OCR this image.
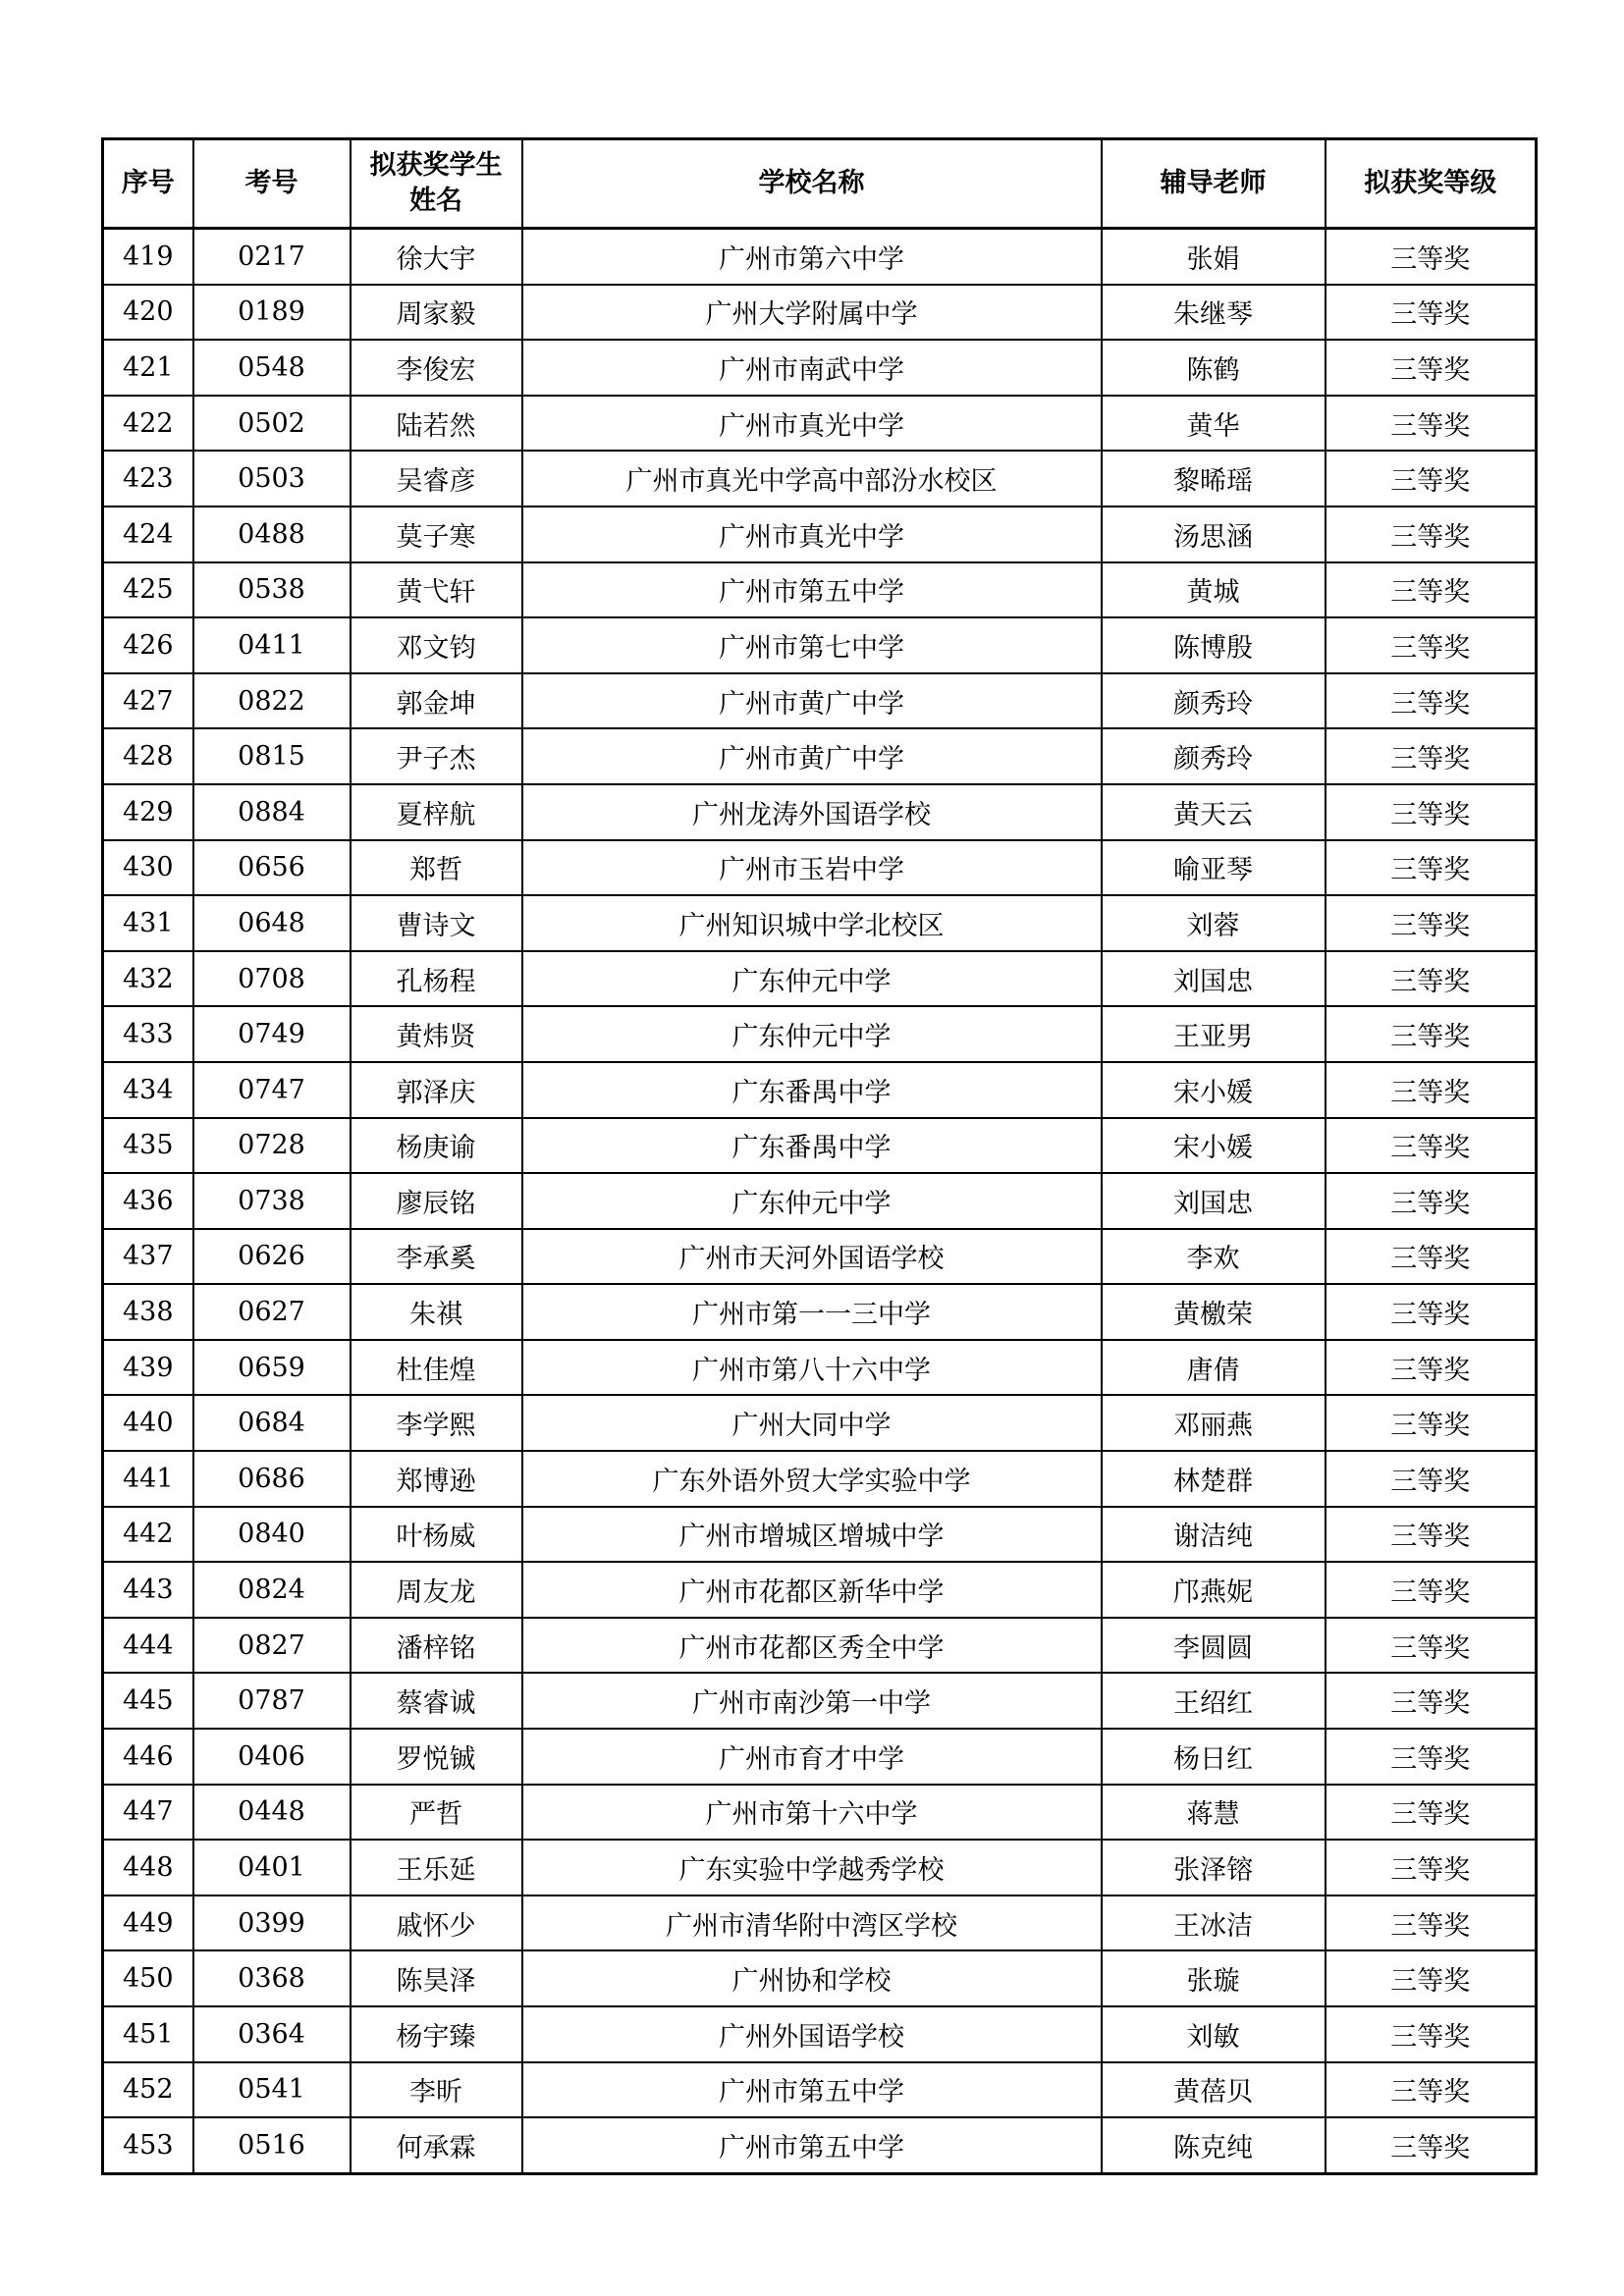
序号	考号	拟获奖学生姓名	学校名称	辅导老师	拟获奖等级
419	0217	徐大宇	广州市第六中学	张娟	三等奖
420	0189	周家毅	广州大学附属中学	朱继琴	三等奖
421	0548	李俊宏	广州市南武中学	陈鹤	三等奖
422	0502	陆若然	广州市真光中学	黄华	三等奖
423	0503	吴睿彦	广州市真光中学高中部汾水校区	黎晞瑶	三等奖
424	0488	莫子寒	广州市真光中学	汤思涵	三等奖
425	0538	黄弋轩	广州市第五中学	黄城	三等奖
426	0411	邓文钧	广州市第七中学	陈博殷	三等奖
427	0822	郭金坤	广州市黄广中学	颜秀玲	三等奖
428	0815	尹子杰	广州市黄广中学	颜秀玲	三等奖
429	0884	夏梓航	广州龙涛外国语学校	黄天云	三等奖
430	0656	郑哲	广州市玉岩中学	喻亚琴	三等奖
431	0648	曹诗文	广州知识城中学北校区	刘蓉	三等奖
432	0708	孔杨程	广东仲元中学	刘国忠	三等奖
433	0749	黄炜贤	广东仲元中学	王亚男	三等奖
434	0747	郭泽庆	广东番禺中学	宋小媛	三等奖
435	0728	杨庚谕	广东番禺中学	宋小媛	三等奖
436	0738	廖辰铭	广东仲元中学	刘国忠	三等奖
437	0626	李承奚	广州市天河外国语学校	李欢	三等奖
438	0627	朱祺	广州市第一一三中学	黄檄荣	三等奖
439	0659	杜佳煌	广州市第八十六中学	唐倩	三等奖
440	0684	李学熙	广州大同中学	邓丽燕	三等奖
441	0686	郑博逊	广东外语外贸大学实验中学	林楚群	三等奖
442	0840	叶杨威	广州市增城区增城中学	谢洁纯	三等奖
443	0824	周友龙	广州市花都区新华中学	邝燕妮	三等奖
444	0827	潘梓铭	广州市花都区秀全中学	李圆圆	三等奖
445	0787	蔡睿诚	广州市南沙第一中学	王绍红	三等奖
446	0406	罗悦铖	广州市育才中学	杨日红	三等奖
447	0448	严哲	广州市第十六中学	蒋慧	三等奖
448	0401	王乐延	广东实验中学越秀学校	张泽镕	三等奖
449	0399	戚怀少	广州市清华附中湾区学校	王冰洁	三等奖
450	0368	陈昊泽	广州协和学校	张璇	三等奖
451	0364	杨宇臻	广州外国语学校	刘敏	三等奖
452	0541	李昕	广州市第五中学	黄蓓贝	三等奖
453	0516	何承霖	广州市第五中学	陈克纯	三等奖
